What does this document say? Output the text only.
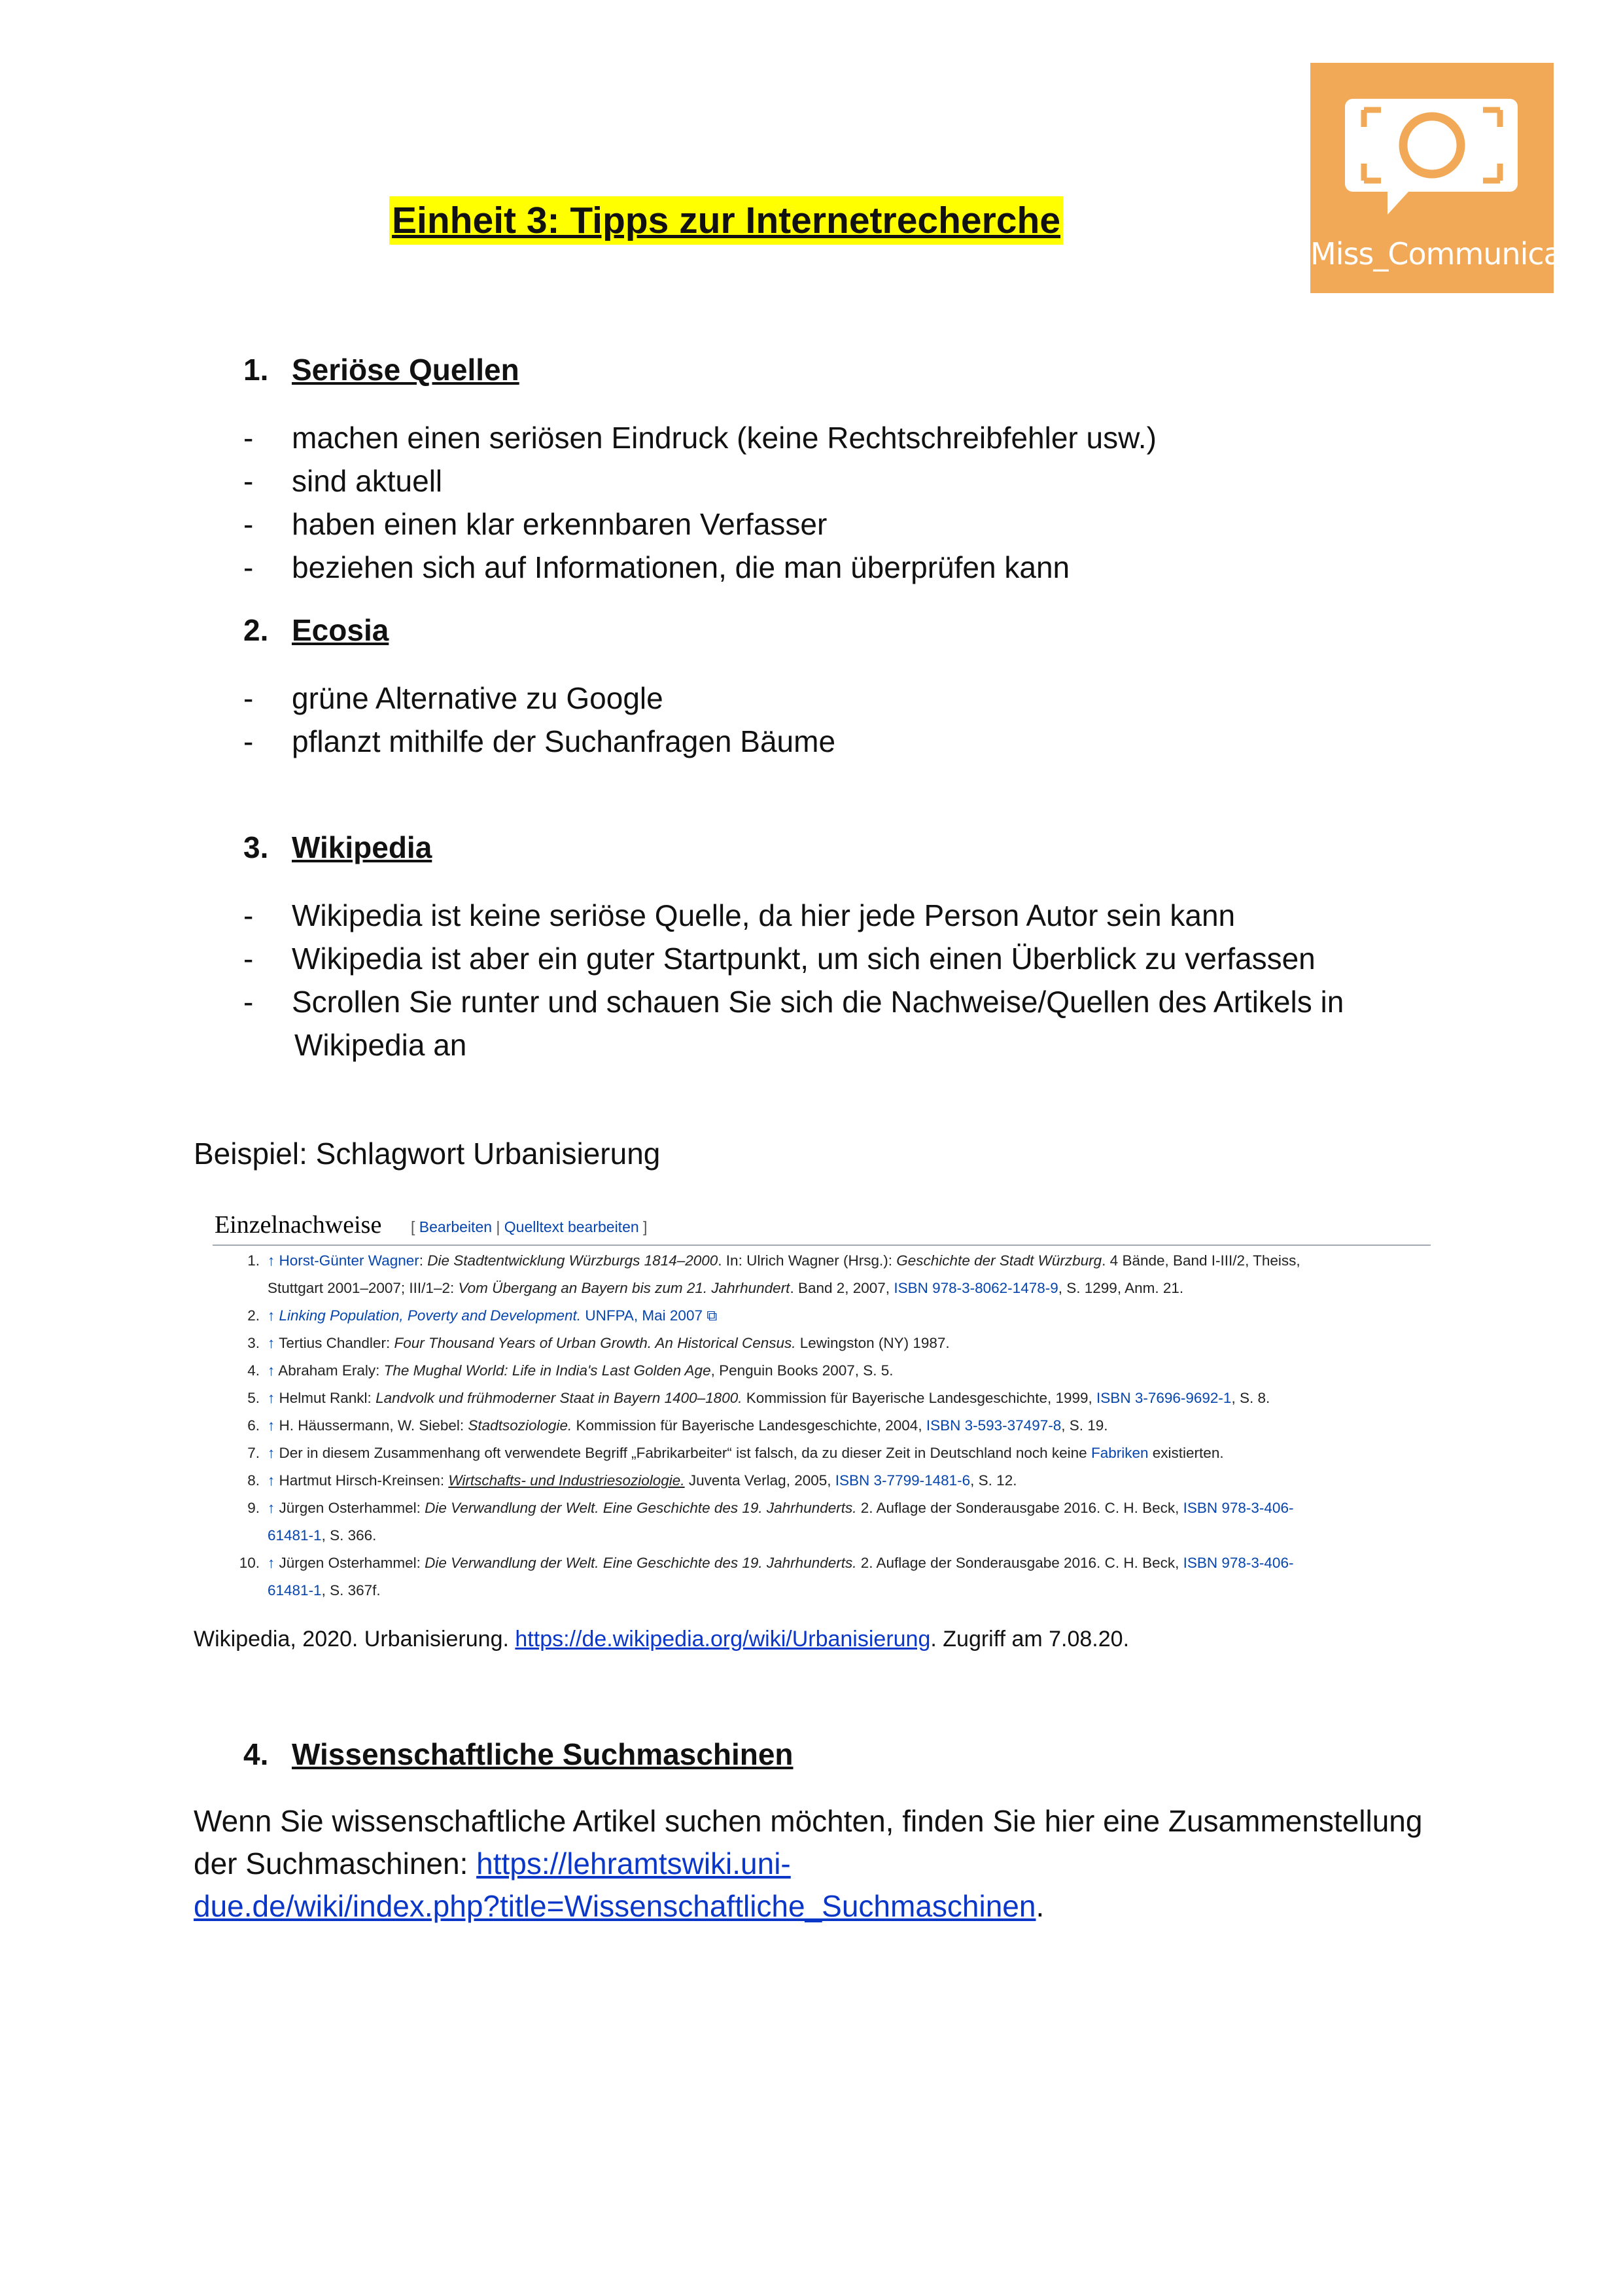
Miss_Communicative
Einheit 3: Tipps zur Internetrecherche
1. Seriöse Quellen
- machen einen seriösen Eindruck (keine Rechtschreibfehler usw.)
- sind aktuell
- haben einen klar erkennbaren Verfasser
- beziehen sich auf Informationen, die man überprüfen kann
2. Ecosia
- grüne Alternative zu Google
- pflanzt mithilfe der Suchanfragen Bäume
3. Wikipedia
- Wikipedia ist keine seriöse Quelle, da hier jede Person Autor sein kann
- Wikipedia ist aber ein guter Startpunkt, um sich einen Überblick zu verfassen
- Scrollen Sie runter und schauen Sie sich die Nachweise/Quellen des Artikels in
Wikipedia an
Beispiel: Schlagwort Urbanisierung
Einzelnachweise [ Bearbeiten | Quelltext bearbeiten ]
1. ↑ Horst-Günter Wagner: Die Stadtentwicklung Würzburgs 1814–2000. In: Ulrich Wagner (Hrsg.): Geschichte der Stadt Würzburg. 4 Bände, Band I-III/2, Theiss,
Stuttgart 2001–2007; III/1–2: Vom Übergang an Bayern bis zum 21. Jahrhundert. Band 2, 2007, ISBN 978-3-8062-1478-9, S. 1299, Anm. 21.
2. ↑ Linking Population, Poverty and Development. UNFPA, Mai 2007 ⧉
3. ↑ Tertius Chandler: Four Thousand Years of Urban Growth. An Historical Census. Lewingston (NY) 1987.
4. ↑ Abraham Eraly: The Mughal World: Life in India's Last Golden Age, Penguin Books 2007, S. 5.
5. ↑ Helmut Rankl: Landvolk und frühmoderner Staat in Bayern 1400–1800. Kommission für Bayerische Landesgeschichte, 1999, ISBN 3-7696-9692-1, S. 8.
6. ↑ H. Häussermann, W. Siebel: Stadtsoziologie. Kommission für Bayerische Landesgeschichte, 2004, ISBN 3-593-37497-8, S. 19.
7. ↑ Der in diesem Zusammenhang oft verwendete Begriff „Fabrikarbeiter“ ist falsch, da zu dieser Zeit in Deutschland noch keine Fabriken existierten.
8. ↑ Hartmut Hirsch-Kreinsen: Wirtschafts- und Industriesoziologie. Juventa Verlag, 2005, ISBN 3-7799-1481-6, S. 12.
9. ↑ Jürgen Osterhammel: Die Verwandlung der Welt. Eine Geschichte des 19. Jahrhunderts. 2. Auflage der Sonderausgabe 2016. C. H. Beck, ISBN 978-3-406-
61481-1, S. 366.
10. ↑ Jürgen Osterhammel: Die Verwandlung der Welt. Eine Geschichte des 19. Jahrhunderts. 2. Auflage der Sonderausgabe 2016. C. H. Beck, ISBN 978-3-406-
61481-1, S. 367f.
Wikipedia, 2020. Urbanisierung. https://de.wikipedia.org/wiki/Urbanisierung. Zugriff am 7.08.20.
4. Wissenschaftliche Suchmaschinen
Wenn Sie wissenschaftliche Artikel suchen möchten, finden Sie hier eine Zusammenstellung
der Suchmaschinen: https://lehramtswiki.uni-
due.de/wiki/index.php?title=Wissenschaftliche_Suchmaschinen.
